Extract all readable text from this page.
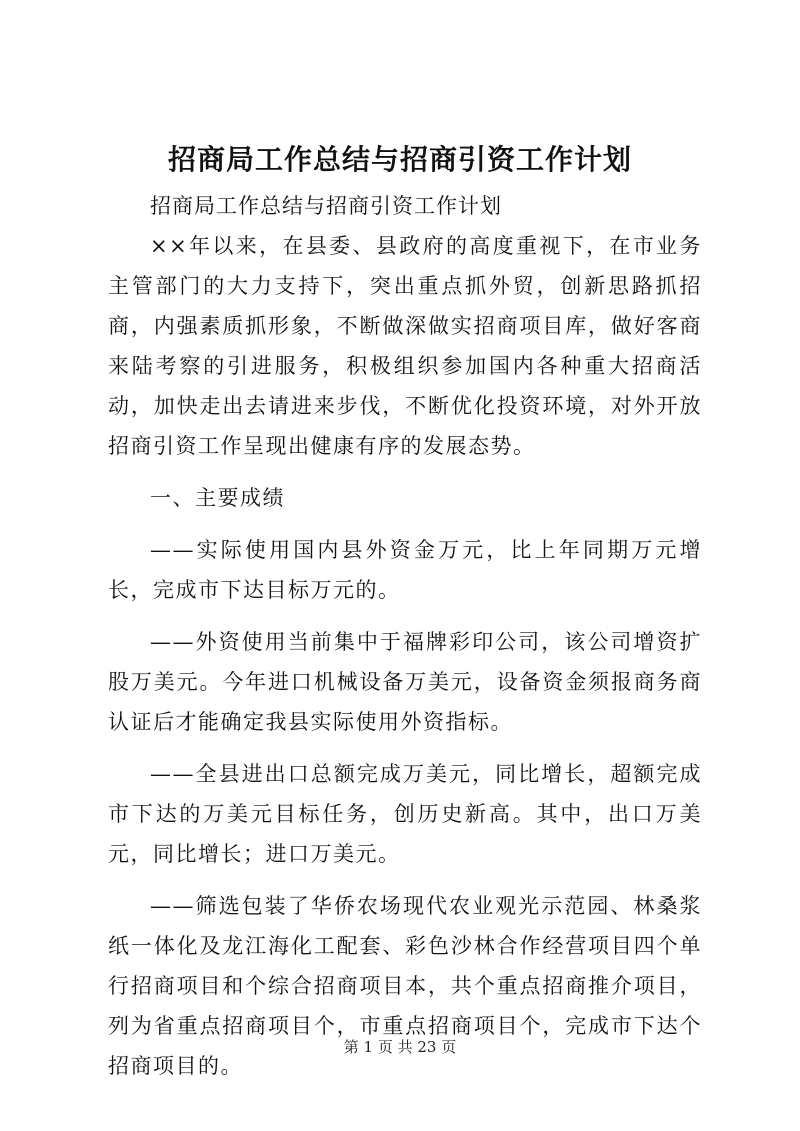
招商局工作总结与招商引资工作计划

招商局工作总结与招商引资工作计划

××年以来，在县委、县政府的高度重视下，在市业务主管部门的大力支持下，突出重点抓外贸，创新思路抓招商，内强素质抓形象，不断做深做实招商项目库，做好客商来陆考察的引进服务，积极组织参加国内各种重大招商活动，加快走出去请进来步伐，不断优化投资环境，对外开放招商引资工作呈现出健康有序的发展态势。

一、主要成绩

——实际使用国内县外资金万元，比上年同期万元增长，完成市下达目标万元的。

——外资使用当前集中于福牌彩印公司，该公司增资扩股万美元。今年进口机械设备万美元，设备资金须报商务商认证后才能确定我县实际使用外资指标。

——全县进出口总额完成万美元，同比增长，超额完成市下达的万美元目标任务，创历史新高。其中，出口万美元，同比增长；进口万美元。

——筛选包装了华侨农场现代农业观光示范园、林桑浆纸一体化及龙江海化工配套、彩色沙林合作经营项目四个单行招商项目和个综合招商项目本，共个重点招商推介项目，列为省重点招商项目个，市重点招商项目个，完成市下达个招商项目的。

第 1 页 共 23 页
